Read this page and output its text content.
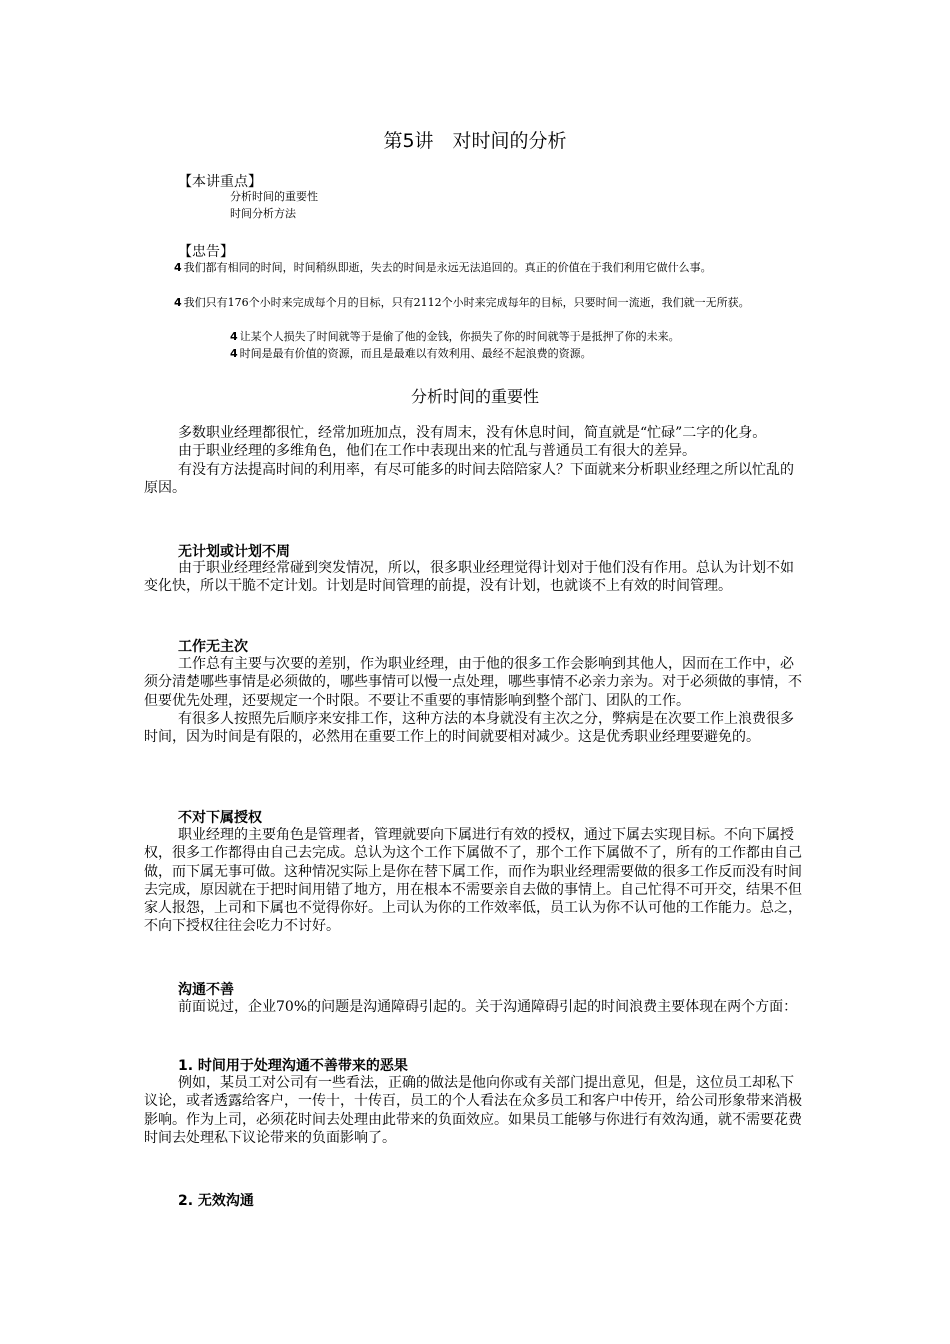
第5讲　对时间的分析
【本讲重点】
分析时间的重要性
时间分析方法
【忠告】
4 我们都有相同的时间，时间稍纵即逝，失去的时间是永远无法追回的。真正的价值在于我们利用它做什么事。
4 我们只有176个小时来完成每个月的目标，只有2112个小时来完成每年的目标，只要时间一流逝，我们就一无所获。
4 让某个人损失了时间就等于是偷了他的金钱，你损失了你的时间就等于是抵押了你的未来。
4 时间是最有价值的资源，而且是最难以有效利用、最经不起浪费的资源。
分析时间的重要性

多数职业经理都很忙，经常加班加点，没有周末，没有休息时间，简直就是“忙碌”二字的化身。

由于职业经理的多维角色，他们在工作中表现出来的忙乱与普通员工有很大的差异。

有没有方法提高时间的利用率，有尽可能多的时间去陪陪家人？下面就来分析职业经理之所以忙乱的原因。

无计划或计划不周

由于职业经理经常碰到突发情况，所以，很多职业经理觉得计划对于他们没有作用。总认为计划不如变化快，所以干脆不定计划。计划是时间管理的前提，没有计划，也就谈不上有效的时间管理。

工作无主次

工作总有主要与次要的差别，作为职业经理，由于他的很多工作会影响到其他人，因而在工作中，必须分清楚哪些事情是必须做的，哪些事情可以慢一点处理，哪些事情不必亲力亲为。对于必须做的事情，不但要优先处理，还要规定一个时限。不要让不重要的事情影响到整个部门、团队的工作。

有很多人按照先后顺序来安排工作，这种方法的本身就没有主次之分，弊病是在次要工作上浪费很多时间，因为时间是有限的，必然用在重要工作上的时间就要相对减少。这是优秀职业经理要避免的。

不对下属授权

职业经理的主要角色是管理者，管理就要向下属进行有效的授权，通过下属去实现目标。不向下属授权，很多工作都得由自己去完成。总认为这个工作下属做不了，那个工作下属做不了，所有的工作都由自己做，而下属无事可做。这种情况实际上是你在替下属工作，而作为职业经理需要做的很多工作反而没有时间去完成，原因就在于把时间用错了地方，用在根本不需要亲自去做的事情上。自己忙得不可开交，结果不但家人报怨，上司和下属也不觉得你好。上司认为你的工作效率低，员工认为你不认可他的工作能力。总之，不向下授权往往会吃力不讨好。

沟通不善

前面说过，企业70%的问题是沟通障碍引起的。关于沟通障碍引起的时间浪费主要体现在两个方面：

1. 时间用于处理沟通不善带来的恶果

例如，某员工对公司有一些看法，正确的做法是他向你或有关部门提出意见，但是，这位员工却私下议论，或者透露给客户，一传十，十传百，员工的个人看法在众多员工和客户中传开，给公司形象带来消极影响。作为上司，必须花时间去处理由此带来的负面效应。如果员工能够与你进行有效沟通，就不需要花费时间去处理私下议论带来的负面影响了。

2. 无效沟通
